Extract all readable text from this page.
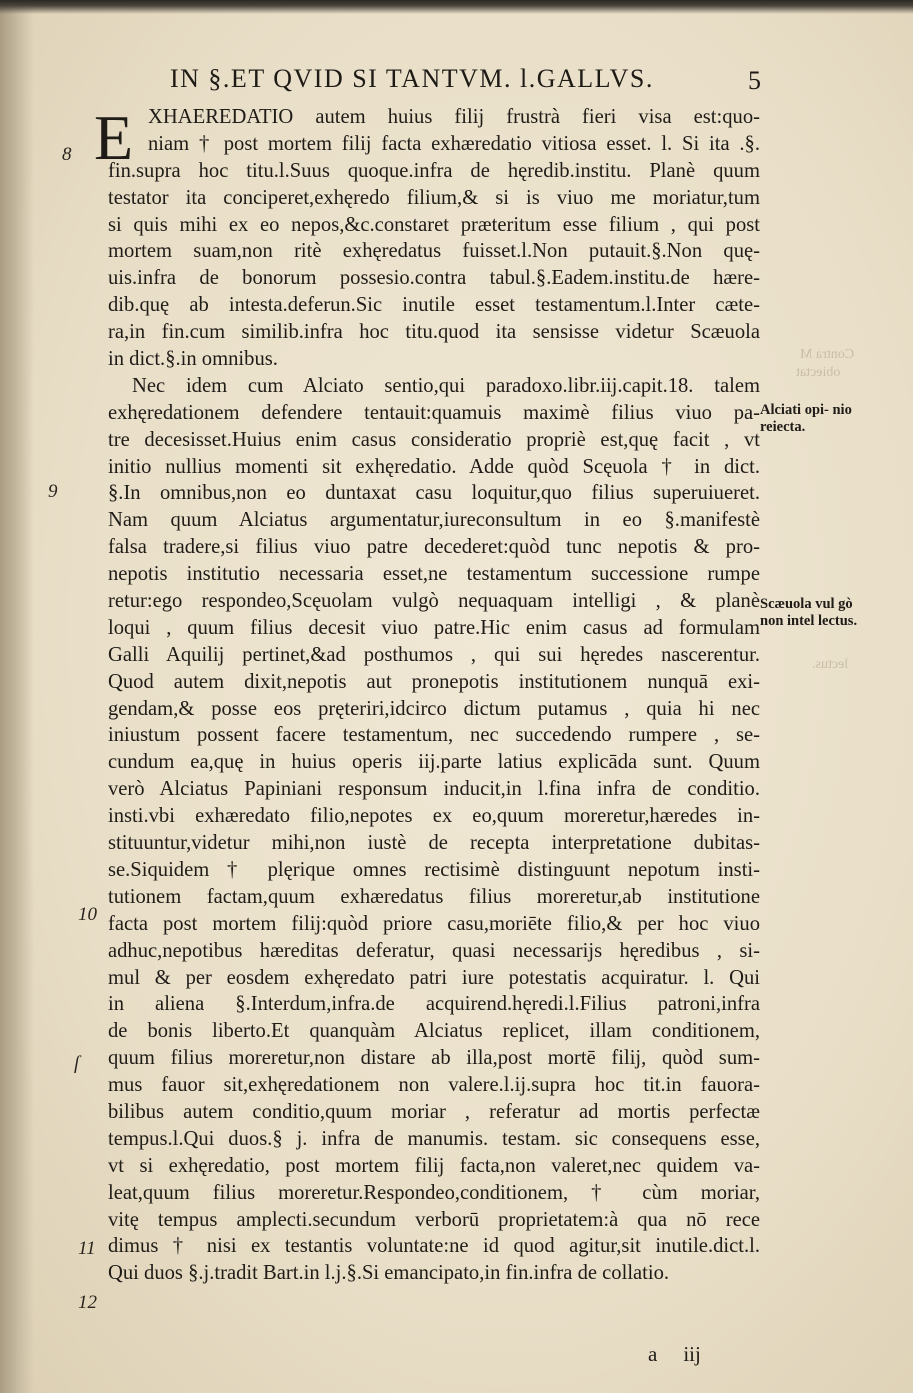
IN §.ET QVID SI TANTVM. l.GALLVS.	5
E XHAEREDATIO autem huius filij frustrà fieri visa est:quo-
niam † post mortem filij facta exhæredatio vitiosa esset. l. Si ita .§.
fin.supra hoc titu.l.Suus quoque.infra de hęredib.institu. Planè quum
testator ita conciperet,exhęredo filium,& si is viuo me moriatur,tum
si quis mihi ex eo nepos,&c.constaret præteritum esse filium , qui post
mortem suam,non ritè exhęredatus fuisset.l.Non putauit.§.Non quę-
uis.infra de bonorum possesio.contra tabul.§.Eadem.institu.de hære-
dib.quę ab intesta.deferun.Sic inutile esset testamentum.l.Inter cæte-
ra,in fin.cum similib.infra hoc titu.quod ita sensisse videtur Scæuola
in dict.§.in omnibus.
Nec idem cum Alciato sentio,qui paradoxo.libr.iij.capit.18. talem
exhęredationem defendere tentauit:quamuis maximè filius viuo pa-
tre decesisset.Huius enim casus consideratio propriè est,quę facit , vt
initio nullius momenti sit exhęredatio. Adde quòd Scęuola † in dict.
§.In omnibus,non eo duntaxat casu loquitur,quo filius superuiueret.
Nam quum Alciatus argumentatur,iureconsultum in eo §.manifestè
falsa tradere,si filius viuo patre decederet:quòd tunc nepotis & pro-
nepotis institutio necessaria esset,ne testamentum successione rumpe
retur:ego respondeo,Scęuolam vulgò nequaquam intelligi , & planè
loqui , quum filius decesit viuo patre.Hic enim casus ad formulam
Galli Aquilij pertinet,&ad posthumos , qui sui hęredes nascerentur.
Quod autem dixit,nepotis aut pronepotis institutionem nunquā exi-
gendam,& posse eos pręteriri,idcirco dictum putamus , quia hi nec
iniustum possent facere testamentum, nec succedendo rumpere , se-
cundum ea,quę in huius operis iij.parte latius explicāda sunt. Quum
verò Alciatus Papiniani responsum inducit,in l.fina infra de conditio.
insti.vbi exhæredato filio,nepotes ex eo,quum moreretur,hæredes in-
stituuntur,videtur mihi,non iustè de recepta interpretatione dubitas-
se.Siquidem † plęrique omnes rectisimè distinguunt nepotum insti-
tutionem factam,quum exhæredatus filius moreretur,ab institutione
facta post mortem filij:quòd priore casu,moriēte filio,& per hoc viuo
adhuc,nepotibus hæreditas deferatur, quasi necessarijs hęredibus , si-
mul & per eosdem exhęredato patri iure potestatis acquiratur. l. Qui
in aliena §.Interdum,infra.de acquirend.hęredi.l.Filius patroni,infra
de bonis liberto.Et quanquàm Alciatus replicet, illam conditionem,
quum filius moreretur,non distare ab illa,post mortē filij, quòd sum-
mus fauor sit,exhęredationem non valere.l.ij.supra hoc tit.in fauora-
bilibus autem conditio,quum moriar , referatur ad mortis perfectæ
tempus.l.Qui duos.§ j. infra de manumis. testam. sic consequens esse,
vt si exhęredatio, post mortem filij facta,non valeret,nec quidem va-
leat,quum filius moreretur.Respondeo,conditionem, † cùm moriar,
vitę tempus amplecti.secundum verborū proprietatem:à qua nō rece
dimus † nisi ex testantis voluntate:ne id quod agitur,sit inutile.dict.l.
Qui duos §.j.tradit Bart.in l.j.§.Si emancipato,in fin.infra de collatio.
8
9
10
ſ
11
12
Alciati opi- nio reiecta.
Scæuola vul gò non intel lectus.
Contra M
obiectat
lectus.
a iij
